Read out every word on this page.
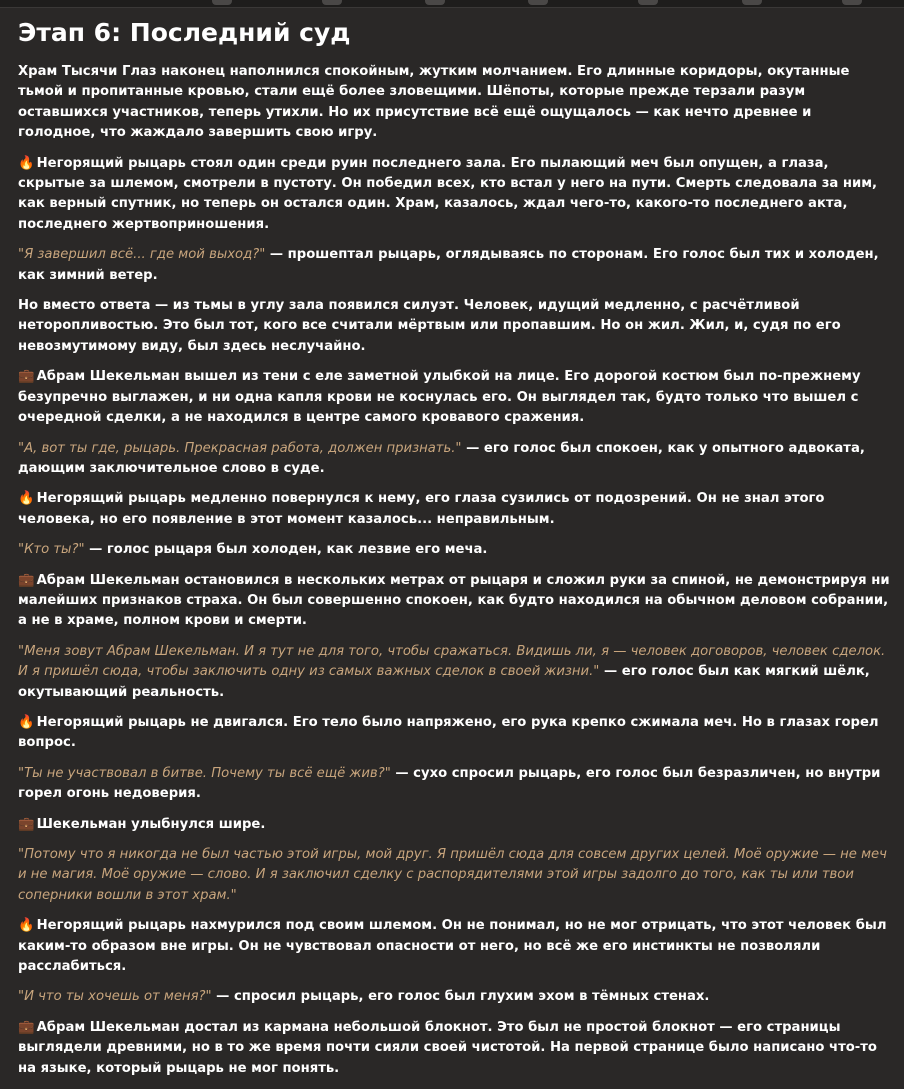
Этап 6: Последний суд

Храм Тысячи Глаз наконец наполнился спокойным, жутким молчанием. Его длинные коридоры, окутанные тьмой и пропитанные кровью, стали ещё более зловещими. Шёпоты, которые прежде терзали разум оставшихся участников, теперь утихли. Но их присутствие всё ещё ощущалось — как нечто древнее и голодное, что жаждало завершить свою игру.

🔥 Негорящий рыцарь стоял один среди руин последнего зала. Его пылающий меч был опущен, а глаза, скрытые за шлемом, смотрели в пустоту. Он победил всех, кто встал у него на пути. Смерть следовала за ним, как верный спутник, но теперь он остался один. Храм, казалось, ждал чего-то, какого-то последнего акта, последнего жертвоприношения.

"Я завершил всё... где мой выход?" — прошептал рыцарь, оглядываясь по сторонам. Его голос был тих и холоден, как зимний ветер.

Но вместо ответа — из тьмы в углу зала появился силуэт. Человек, идущий медленно, с расчётливой неторопливостью. Это был тот, кого все считали мёртвым или пропавшим. Но он жил. Жил, и, судя по его невозмутимому виду, был здесь неслучайно.

💼 Абрам Шекельман вышел из тени с еле заметной улыбкой на лице. Его дорогой костюм был по-прежнему безупречно выглажен, и ни одна капля крови не коснулась его. Он выглядел так, будто только что вышел с очередной сделки, а не находился в центре самого кровавого сражения.

"А, вот ты где, рыцарь. Прекрасная работа, должен признать." — его голос был спокоен, как у опытного адвоката, дающим заключительное слово в суде.

🔥 Негорящий рыцарь медленно повернулся к нему, его глаза сузились от подозрений. Он не знал этого человека, но его появление в этот момент казалось... неправильным.

"Кто ты?" — голос рыцаря был холоден, как лезвие его меча.

💼 Абрам Шекельман остановился в нескольких метрах от рыцаря и сложил руки за спиной, не демонстрируя ни малейших признаков страха. Он был совершенно спокоен, как будто находился на обычном деловом собрании, а не в храме, полном крови и смерти.

"Меня зовут Абрам Шекельман. И я тут не для того, чтобы сражаться. Видишь ли, я — человек договоров, человек сделок. И я пришёл сюда, чтобы заключить одну из самых важных сделок в своей жизни." — его голос был как мягкий шёлк, окутывающий реальность.

🔥 Негорящий рыцарь не двигался. Его тело было напряжено, его рука крепко сжимала меч. Но в глазах горел вопрос.

"Ты не участвовал в битве. Почему ты всё ещё жив?" — сухо спросил рыцарь, его голос был безразличен, но внутри горел огонь недоверия.

💼 Шекельман улыбнулся шире.

"Потому что я никогда не был частью этой игры, мой друг. Я пришёл сюда для совсем других целей. Моё оружие — не меч и не магия. Моё оружие — слово. И я заключил сделку с распорядителями этой игры задолго до того, как ты или твои соперники вошли в этот храм."

🔥 Негорящий рыцарь нахмурился под своим шлемом. Он не понимал, но не мог отрицать, что этот человек был каким-то образом вне игры. Он не чувствовал опасности от него, но всё же его инстинкты не позволяли расслабиться.

"И что ты хочешь от меня?" — спросил рыцарь, его голос был глухим эхом в тёмных стенах.

💼 Абрам Шекельман достал из кармана небольшой блокнот. Это был не простой блокнот — его страницы выглядели древними, но в то же время почти сияли своей чистотой. На первой странице было написано что-то на языке, который рыцарь не мог понять.
